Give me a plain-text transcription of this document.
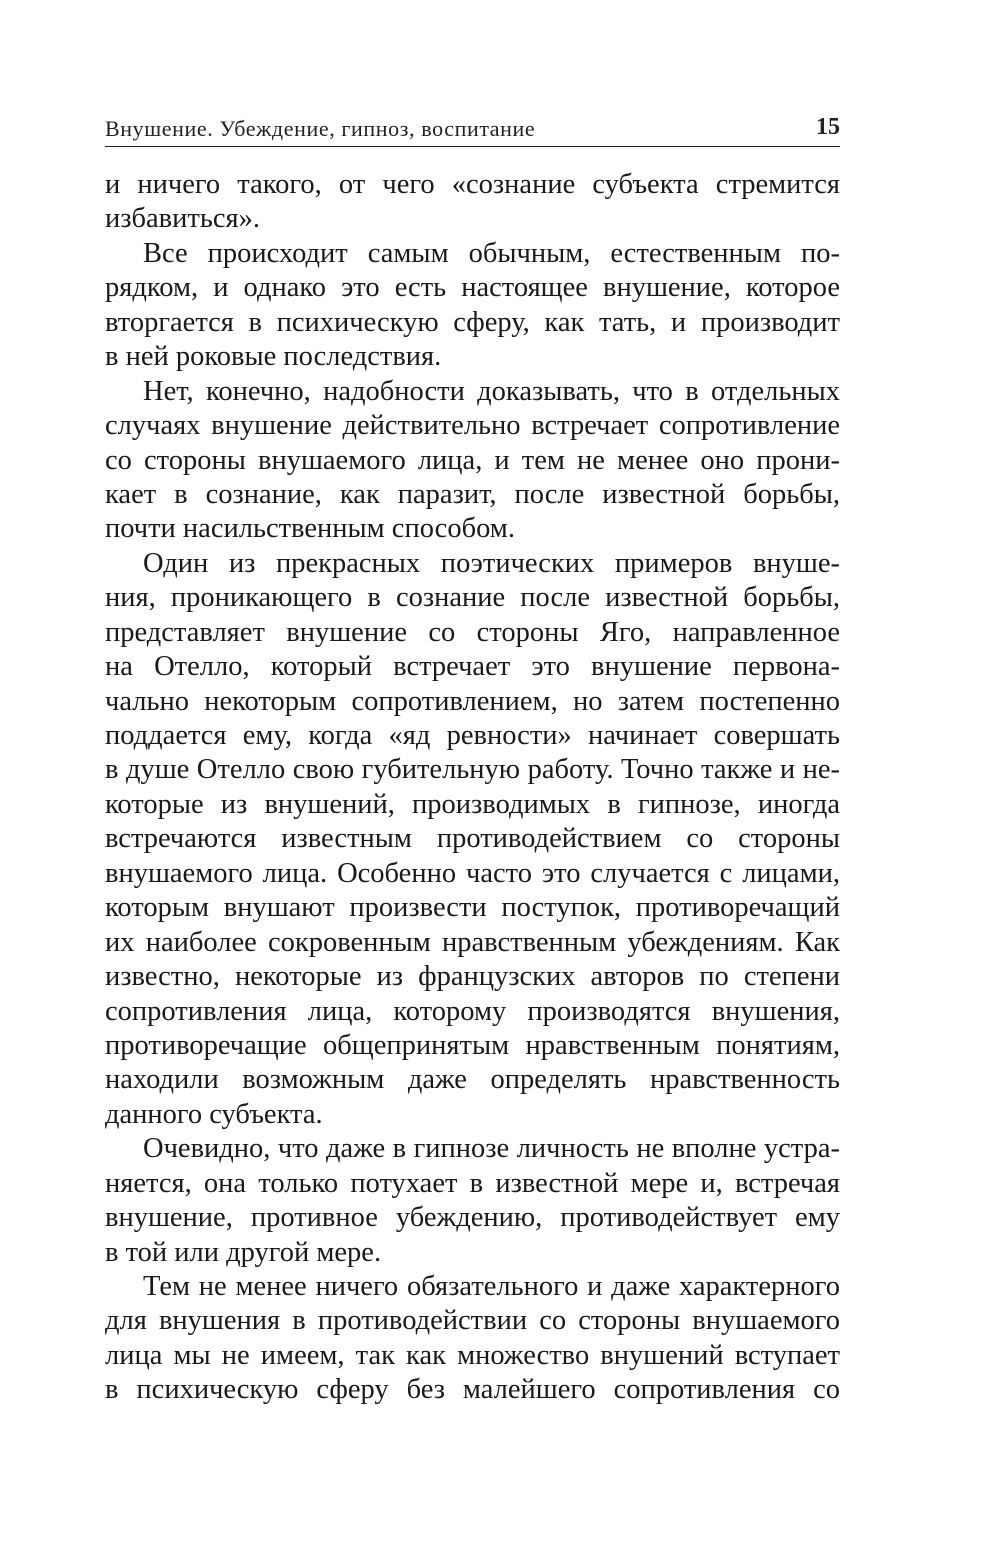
Внушение. Убеждение, гипноз, воспитание	15
и ничего такого, от чего «сознание субъекта стремится
избавиться».
Все происходит самым обычным, естественным по-
рядком, и однако это есть настоящее внушение, которое
вторгается в психическую сферу, как тать, и производит
в ней роковые последствия.
Нет, конечно, надобности доказывать, что в отдельных
случаях внушение действительно встречает сопротивление
со стороны внушаемого лица, и тем не менее оно прони-
кает в сознание, как паразит, после известной борьбы,
почти насильственным способом.
Один из прекрасных поэтических примеров внуше-
ния, проникающего в сознание после известной борьбы,
представляет внушение со стороны Яго, направленное
на Отелло, который встречает это внушение первона-
чально некоторым сопротивлением, но затем постепенно
поддается ему, когда «яд ревности» начинает совершать
в душе Отелло свою губительную работу. Точно также и не-
которые из внушений, производимых в гипнозе, иногда
встречаются известным противодействием со стороны
внушаемого лица. Особенно часто это случается с лицами,
которым внушают произвести поступок, противоречащий
их наиболее сокровенным нравственным убеждениям. Как
известно, некоторые из французских авторов по степени
сопротивления лица, которому производятся внушения,
противоречащие общепринятым нравственным понятиям,
находили возможным даже определять нравственность
данного субъекта.
Очевидно, что даже в гипнозе личность не вполне устра-
няется, она только потухает в известной мере и, встречая
внушение, противное убеждению, противодействует ему
в той или другой мере.
Тем не менее ничего обязательного и даже характерного
для внушения в противодействии со стороны внушаемого
лица мы не имеем, так как множество внушений вступает
в психическую сферу без малейшего сопротивления со
